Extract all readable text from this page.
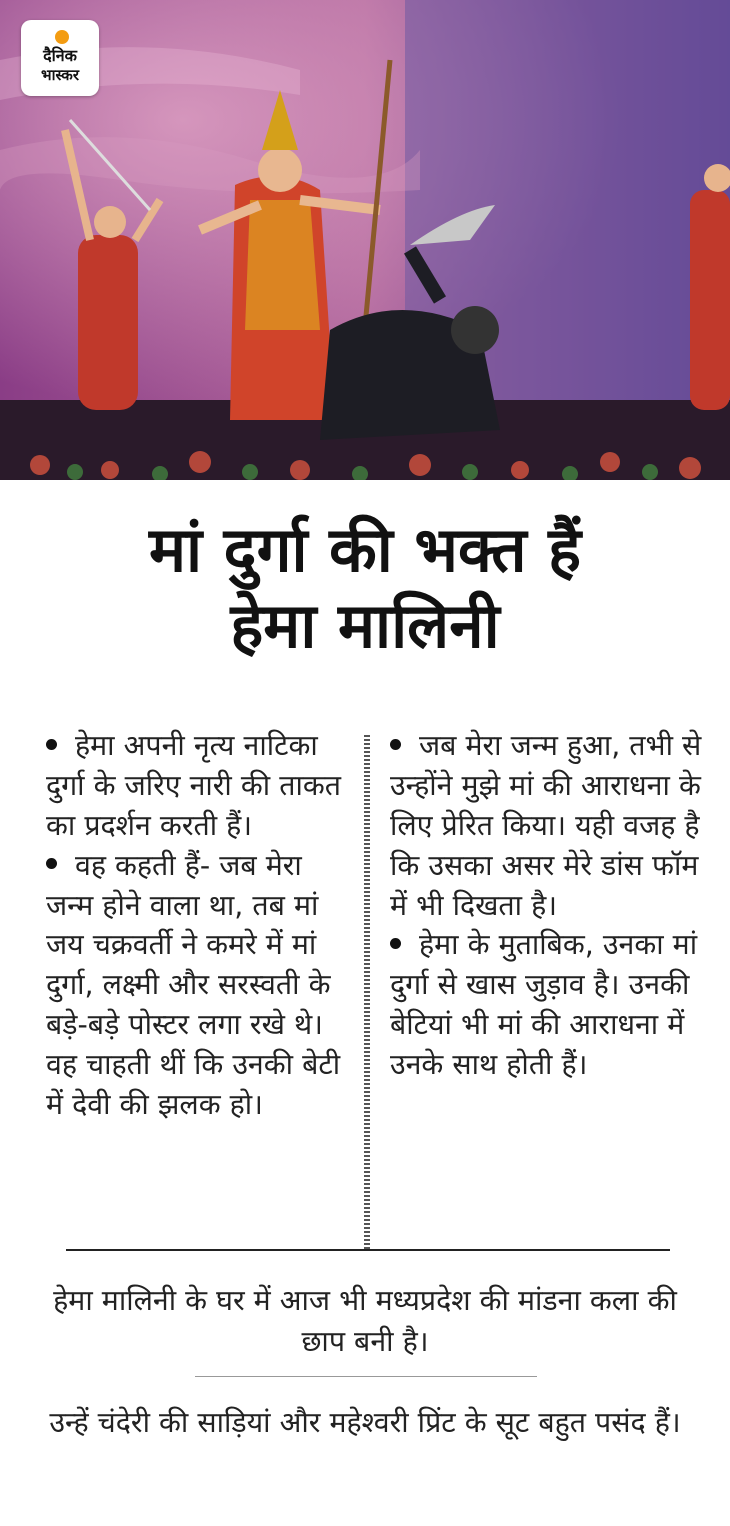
दैनिक
भास्कर
मां दुर्गा की भक्त हैं
हेमा मालिनी

हेमा अपनी नृत्य नाटिका दुर्गा के जरिए नारी की ताकत का प्रदर्शन करती हैं।

वह कहती हैं- जब मेरा जन्म होने वाला था, तब मां जय चक्रवर्ती ने कमरे में मां दुर्गा, लक्ष्मी और सरस्वती के बड़े-बड़े पोस्टर लगा रखे थे। वह चाहती थीं कि उनकी बेटी में देवी की झलक हो।

जब मेरा जन्म हुआ, तभी से उन्होंने मुझे मां की आराधना के लिए प्रेरित किया। यही वजह है कि उसका असर मेरे डांस फॉम में भी दिखता है।

हेमा के मुताबिक, उनका मां दुर्गा से खास जुड़ाव है। उनकी बेटियां भी मां की आराधना में उनके साथ होती हैं।

हेमा मालिनी के घर में आज भी मध्यप्रदेश की मांडना कला की छाप बनी है।
उन्हें चंदेरी की साड़ियां और महेश्वरी प्रिंट के सूट बहुत पसंद हैं।
